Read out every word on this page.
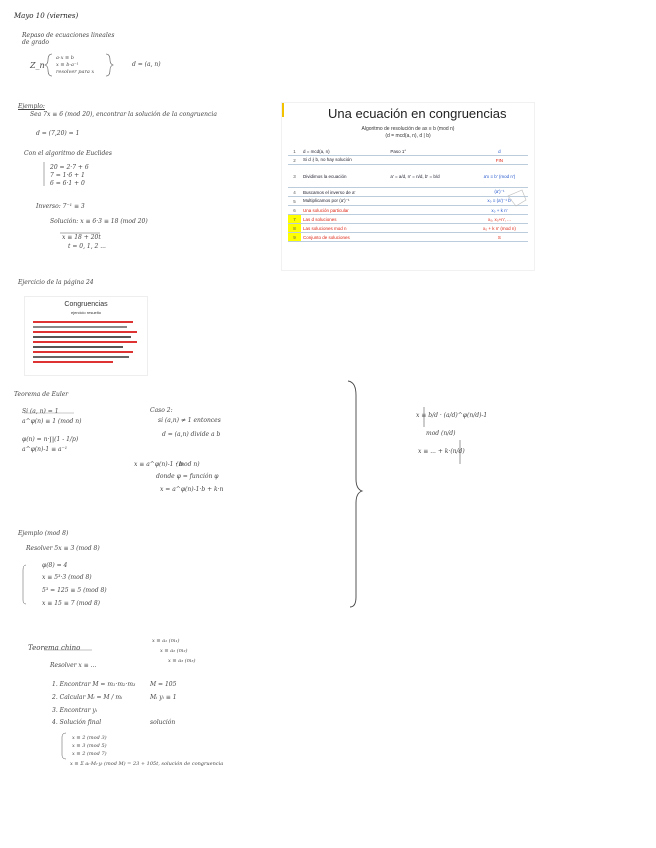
Mayo 10 (viernes)
Repaso de ecuaciones lineales
de grado
Z_n
a·x ≡ b
x ≡ b·a⁻¹
resolver para x
d = (a, n)
Ejemplo:
Sea 7x ≡ 6 (mod 20), encontrar la solución de la congruencia
d = (7,20) = 1
Con el algoritmo de Euclides
20 = 2·7 + 6
7 = 1·6 + 1
6 = 6·1 + 0
Inverso: 7⁻¹ ≡ 3
Solución: x ≡ 6·3 ≡ 18 (mod 20)
x ≡ 18 + 20t
t = 0, 1, 2 ...
Ejercicio de la página 24
Una ecuación en congruencias
Algoritmo de resolución de ax ≡ b (mod n)
(d = mcd(a, n), d | b)
1	d = mcd(a, n)	Paso 1°	d
2	Si d ∤ b, no hay solución		FIN
3	Dividimos la ecuación	a' = a/d, n' = n/d, b' = b/d	a'x ≡ b' (mod n')
4	Buscamos el inverso de a'		(a')⁻¹
5	Multiplicamos por (a')⁻¹		x₀ ≡ (a')⁻¹ b'
6	Una solución particular		x₀ + k n'
7	Las d soluciones		x₀, x₀+n', ...
8	Las soluciones mod n		x₀ + k n' (mod n)
9	Conjunto de soluciones		S
Congruencias
ejercicio resuelto
Teorema de Euler
Si (a, n) = 1
a^φ(n) ≡ 1 (mod n)
φ(n) = n·∏(1 - 1/p)
a^φ(n)-1 ≡ a⁻¹
Caso 2:
si (a,n) ≠ 1 entonces
d = (a,n) divide a b
x ≡ a^φ(n)-1 · b
(mod n)
donde φ = función φ
x = a^φ(n)-1·b + k·n
x ≡ b/d · (a/d)^φ(n/d)-1
mod (n/d)
x ≡ ... + k·(n/d)
Ejemplo (mod 8)
Resolver 5x ≡ 3 (mod 8)
φ(8) = 4
x ≡ 5³·3 (mod 8)
5³ = 125 ≡ 5 (mod 8)
x ≡ 15 ≡ 7 (mod 8)
Teorema chino
Resolver x ≡ ...
x ≡ a₁ (m₁)
x ≡ a₂ (m₂)
x ≡ a₃ (m₃)
1. Encontrar M = m₁·m₂·m₃
2. Calcular Mᵢ = M / mᵢ
3. Encontrar yᵢ
4. Solución final
M = 105
Mᵢ yᵢ ≡ 1
solución
x ≡ 2 (mod 3)
x ≡ 3 (mod 5)
x ≡ 2 (mod 7)
x ≡ Σ aᵢ·Mᵢ·yᵢ (mod M) = 23 + 105t, solución de congruencia
